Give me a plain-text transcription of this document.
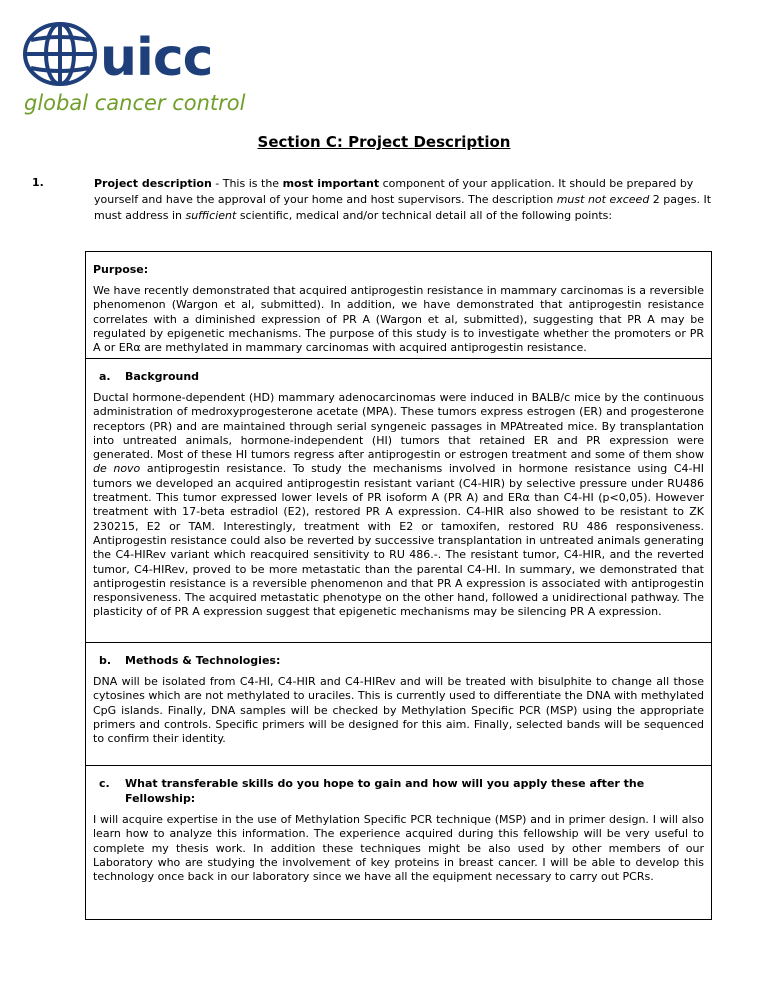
uicc
global cancer control
Section C: Project Description
1.	Project description - This is the most important component of your application. It should be prepared by yourself and have the approval of your home and host supervisors. The description must not exceed 2 pages. It must address in sufficient scientific, medical and/or technical detail all of the following points:
Purpose:
We have recently demonstrated that acquired antiprogestin resistance in mammary carcinomas is a reversible phenomenon (Wargon et al, submitted). In addition, we have demonstrated that antiprogestin resistance correlates with a diminished expression of PR A (Wargon et al, submitted), suggesting that PR A may be regulated by epigenetic mechanisms. The purpose of this study is to investigate whether the promoters or PR A or ERα are methylated in mammary carcinomas with acquired antiprogestin resistance.
a. Background
Ductal hormone-dependent (HD) mammary adenocarcinomas were induced in BALB/c mice by the continuous administration of medroxyprogesterone acetate (MPA). These tumors express estrogen (ER) and progesterone receptors (PR) and are maintained through serial syngeneic passages in MPAtreated mice. By transplantation into untreated animals, hormone-independent (HI) tumors that retained ER and PR expression were generated. Most of these HI tumors regress after antiprogestin or estrogen treatment and some of them show de novo antiprogestin resistance. To study the mechanisms involved in hormone resistance using C4-HI tumors we developed an acquired antiprogestin resistant variant (C4-HIR) by selective pressure under RU486 treatment. This tumor expressed lower levels of PR isoform A (PR A) and ERα than C4-HI (p<0,05). However treatment with 17-beta estradiol (E2), restored PR A expression. C4-HIR also showed to be resistant to ZK 230215, E2 or TAM. Interestingly, treatment with E2 or tamoxifen, restored RU 486 responsiveness. Antiprogestin resistance could also be reverted by successive transplantation in untreated animals generating the C4-HIRev variant which reacquired sensitivity to RU 486.-. The resistant tumor, C4-HIR, and the reverted tumor, C4-HIRev, proved to be more metastatic than the parental C4-HI. In summary, we demonstrated that antiprogestin resistance is a reversible phenomenon and that PR A expression is associated with antiprogestin responsiveness. The acquired metastatic phenotype on the other hand, followed a unidirectional pathway. The plasticity of of PR A expression suggest that epigenetic mechanisms may be silencing PR A expression.
b. Methods & Technologies:
DNA will be isolated from C4-HI, C4-HIR and C4-HIRev and will be treated with bisulphite to change all those cytosines which are not methylated to uraciles. This is currently used to differentiate the DNA with methylated CpG islands. Finally, DNA samples will be checked by Methylation Specific PCR (MSP) using the appropriate primers and controls. Specific primers will be designed for this aim. Finally, selected bands will be sequenced to confirm their identity.
c.	What transferable skills do you hope to gain and how will you apply these after the Fellowship:
I will acquire expertise in the use of Methylation Specific PCR technique (MSP) and in primer design. I will also learn how to analyze this information. The experience acquired during this fellowship will be very useful to complete my thesis work. In addition these techniques might be also used by other members of our Laboratory who are studying the involvement of key proteins in breast cancer. I will be able to develop this technology once back in our laboratory since we have all the equipment necessary to carry out PCRs.
